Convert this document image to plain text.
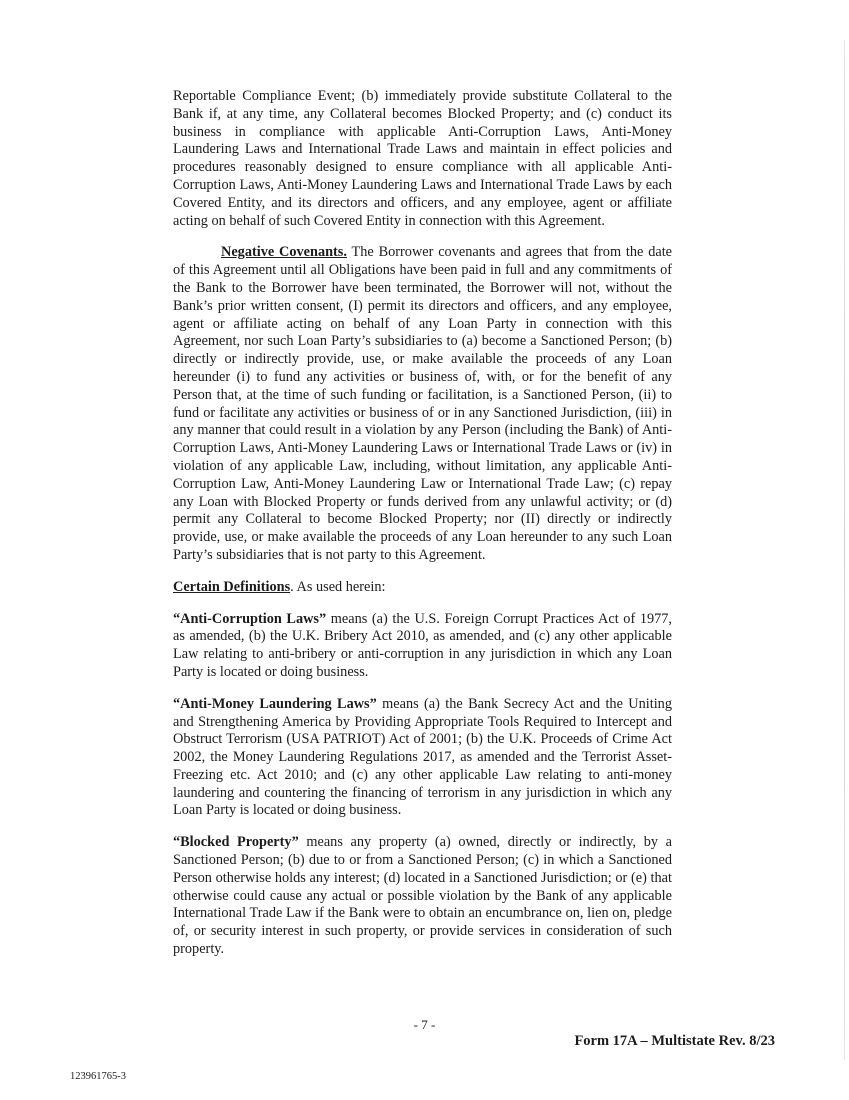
Reportable Compliance Event; (b) immediately provide substitute Collateral to the Bank if, at any time, any Collateral becomes Blocked Property; and (c) conduct its business in compliance with applicable Anti-Corruption Laws, Anti-Money Laundering Laws and International Trade Laws and maintain in effect policies and procedures reasonably designed to ensure compliance with all applicable Anti-Corruption Laws, Anti-Money Laundering Laws and International Trade Laws by each Covered Entity, and its directors and officers, and any employee, agent or affiliate acting on behalf of such Covered Entity in connection with this Agreement.

Negative Covenants. The Borrower covenants and agrees that from the date of this Agreement until all Obligations have been paid in full and any commitments of the Bank to the Borrower have been terminated, the Borrower will not, without the Bank’s prior written consent, (I) permit its directors and officers, and any employee, agent or affiliate acting on behalf of any Loan Party in connection with this Agreement, nor such Loan Party’s subsidiaries to (a) become a Sanctioned Person; (b) directly or indirectly provide, use, or make available the proceeds of any Loan hereunder (i) to fund any activities or business of, with, or for the benefit of any Person that, at the time of such funding or facilitation, is a Sanctioned Person, (ii) to fund or facilitate any activities or business of or in any Sanctioned Jurisdiction, (iii) in any manner that could result in a violation by any Person (including the Bank) of Anti-Corruption Laws, Anti-Money Laundering Laws or International Trade Laws or (iv) in violation of any applicable Law, including, without limitation, any applicable Anti-Corruption Law, Anti-Money Laundering Law or International Trade Law; (c) repay any Loan with Blocked Property or funds derived from any unlawful activity; or (d) permit any Collateral to become Blocked Property; nor (II) directly or indirectly provide, use, or make available the proceeds of any Loan hereunder to any such Loan Party’s subsidiaries that is not party to this Agreement.

Certain Definitions. As used herein:

“Anti-Corruption Laws” means (a) the U.S. Foreign Corrupt Practices Act of 1977, as amended, (b) the U.K. Bribery Act 2010, as amended, and (c) any other applicable Law relating to anti-bribery or anti-corruption in any jurisdiction in which any Loan Party is located or doing business.

“Anti-Money Laundering Laws” means (a) the Bank Secrecy Act and the Uniting and Strengthening America by Providing Appropriate Tools Required to Intercept and Obstruct Terrorism (USA PATRIOT) Act of 2001; (b) the U.K. Proceeds of Crime Act 2002, the Money Laundering Regulations 2017, as amended and the Terrorist Asset-Freezing etc. Act 2010; and (c) any other applicable Law relating to anti-money laundering and countering the financing of terrorism in any jurisdiction in which any Loan Party is located or doing business.

“Blocked Property” means any property (a) owned, directly or indirectly, by a Sanctioned Person; (b) due to or from a Sanctioned Person; (c) in which a Sanctioned Person otherwise holds any interest; (d) located in a Sanctioned Jurisdiction; or (e) that otherwise could cause any actual or possible violation by the Bank of any applicable International Trade Law if the Bank were to obtain an encumbrance on, lien on, pledge of, or security interest in such property, or provide services in consideration of such property.

- 7 -
Form 17A – Multistate Rev. 8/23
123961765-3
